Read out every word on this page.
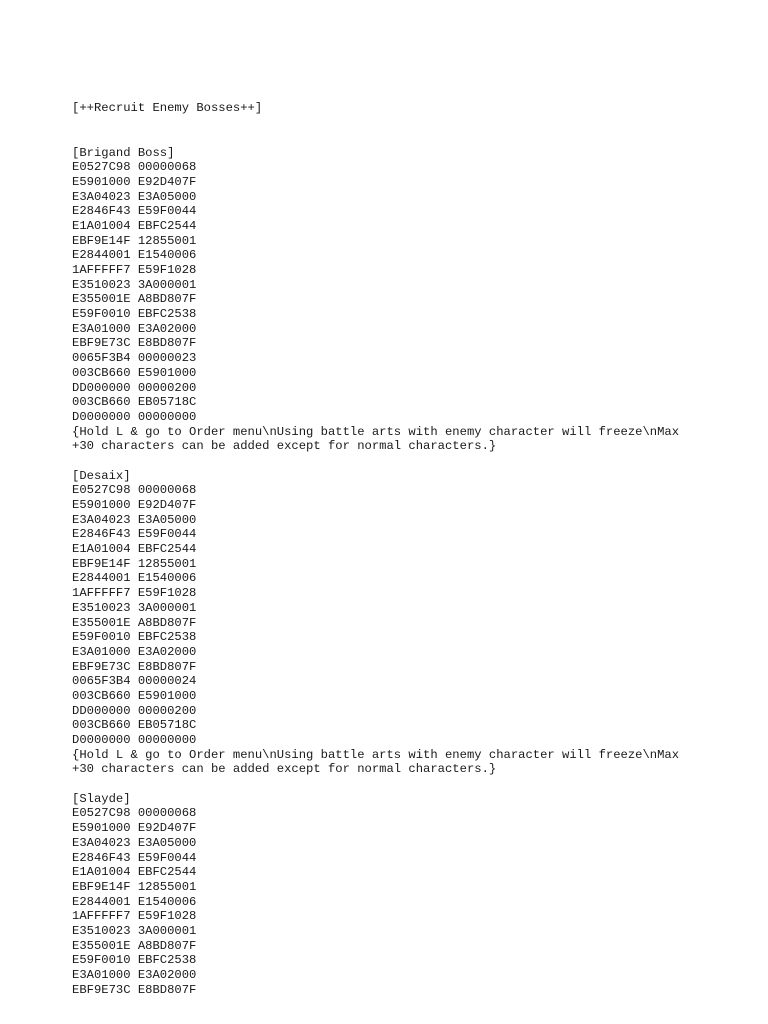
[++Recruit Enemy Bosses++]

[Brigand Boss]
E0527C98 00000068
E5901000 E92D407F
E3A04023 E3A05000
E2846F43 E59F0044
E1A01004 EBFC2544
EBF9E14F 12855001
E2844001 E1540006
1AFFFFF7 E59F1028
E3510023 3A000001
E355001E A8BD807F
E59F0010 EBFC2538
E3A01000 E3A02000
EBF9E73C E8BD807F
0065F3B4 00000023
003CB660 E5901000
DD000000 00000200
003CB660 EB05718C
D0000000 00000000
{Hold L & go to Order menu\nUsing battle arts with enemy character will freeze\nMax
+30 characters can be added except for normal characters.}
[Desaix]
E0527C98 00000068
E5901000 E92D407F
E3A04023 E3A05000
E2846F43 E59F0044
E1A01004 EBFC2544
EBF9E14F 12855001
E2844001 E1540006
1AFFFFF7 E59F1028
E3510023 3A000001
E355001E A8BD807F
E59F0010 EBFC2538
E3A01000 E3A02000
EBF9E73C E8BD807F
0065F3B4 00000024
003CB660 E5901000
DD000000 00000200
003CB660 EB05718C
D0000000 00000000
{Hold L & go to Order menu\nUsing battle arts with enemy character will freeze\nMax
+30 characters can be added except for normal characters.}
[Slayde]
E0527C98 00000068
E5901000 E92D407F
E3A04023 E3A05000
E2846F43 E59F0044
E1A01004 EBFC2544
EBF9E14F 12855001
E2844001 E1540006
1AFFFFF7 E59F1028
E3510023 3A000001
E355001E A8BD807F
E59F0010 EBFC2538
E3A01000 E3A02000
EBF9E73C E8BD807F
